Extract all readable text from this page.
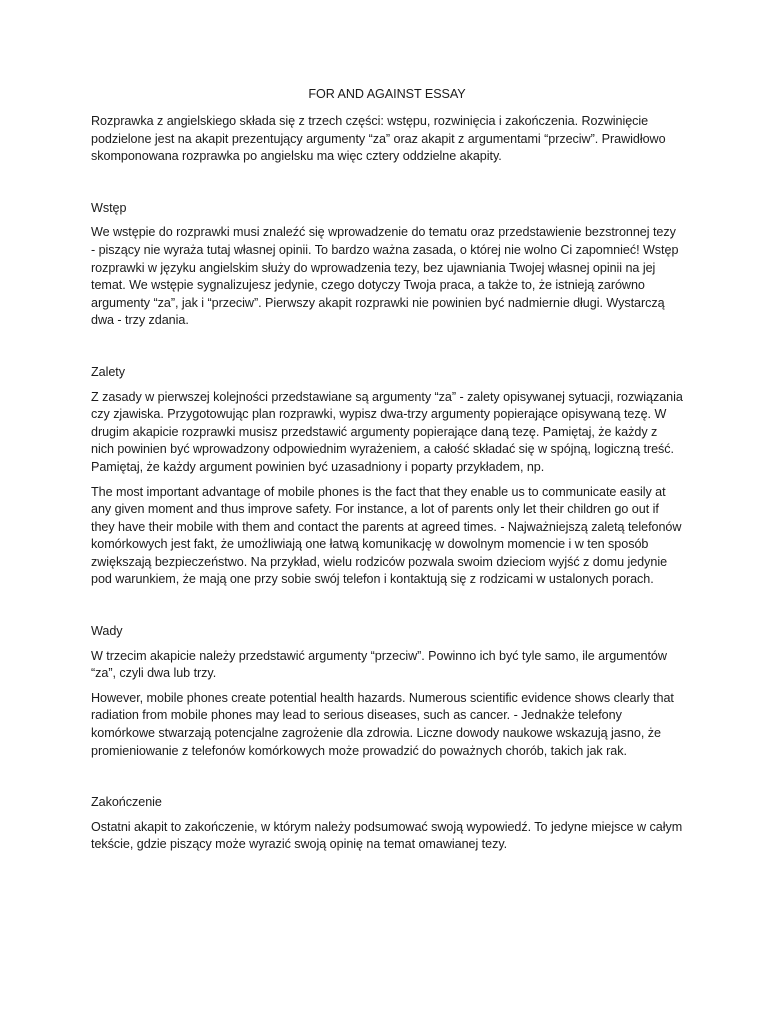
FOR AND AGAINST ESSAY

Rozprawka z angielskiego składa się z trzech części: wstępu, rozwinięcia i zakończenia. Rozwinięcie podzielone jest na akapit prezentujący argumenty “za” oraz akapit z argumentami “przeciw”. Prawidłowo skomponowana rozprawka po angielsku ma więc cztery oddzielne akapity.

Wstęp

We wstępie do rozprawki musi znaleźć się wprowadzenie do tematu oraz przedstawienie bezstronnej tezy - piszący nie wyraża tutaj własnej opinii. To bardzo ważna zasada, o której nie wolno Ci zapomnieć! Wstęp rozprawki w języku angielskim służy do wprowadzenia tezy, bez ujawniania Twojej własnej opinii na jej temat. We wstępie sygnalizujesz jedynie, czego dotyczy Twoja praca, a także to, że istnieją zarówno argumenty “za”, jak i “przeciw”. Pierwszy akapit rozprawki nie powinien być nadmiernie długi. Wystarczą dwa - trzy zdania.

Zalety

Z zasady w pierwszej kolejności przedstawiane są argumenty “za” - zalety opisywanej sytuacji, rozwiązania czy zjawiska. Przygotowując plan rozprawki, wypisz dwa-trzy argumenty popierające opisywaną tezę. W drugim akapicie rozprawki musisz przedstawić argumenty popierające daną tezę. Pamiętaj, że każdy z nich powinien być wprowadzony odpowiednim wyrażeniem, a całość składać się w spójną, logiczną treść. Pamiętaj, że każdy argument powinien być uzasadniony i poparty przykładem, np.

The most important advantage of mobile phones is the fact that they enable us to communicate easily at any given moment and thus improve safety. For instance, a lot of parents only let their children go out if they have their mobile with them and contact the parents at agreed times. - Najważniejszą zaletą telefonów komórkowych jest fakt, że umożliwiają one łatwą komunikację w dowolnym momencie i w ten sposób zwiększają bezpieczeństwo. Na przykład, wielu rodziców pozwala swoim dzieciom wyjść z domu jedynie pod warunkiem, że mają one przy sobie swój telefon i kontaktują się z rodzicami w ustalonych porach.

Wady

W trzecim akapicie należy przedstawić argumenty “przeciw”. Powinno ich być tyle samo, ile argumentów “za”, czyli dwa lub trzy.

However, mobile phones create potential health hazards. Numerous scientific evidence shows clearly that radiation from mobile phones may lead to serious diseases, such as cancer. - Jednakże telefony komórkowe stwarzają potencjalne zagrożenie dla zdrowia. Liczne dowody naukowe wskazują jasno, że promieniowanie z telefonów komórkowych może prowadzić do poważnych chorób, takich jak rak.

Zakończenie

Ostatni akapit to zakończenie, w którym należy podsumować swoją wypowiedź. To jedyne miejsce w całym tekście, gdzie piszący może wyrazić swoją opinię na temat omawianej tezy.
